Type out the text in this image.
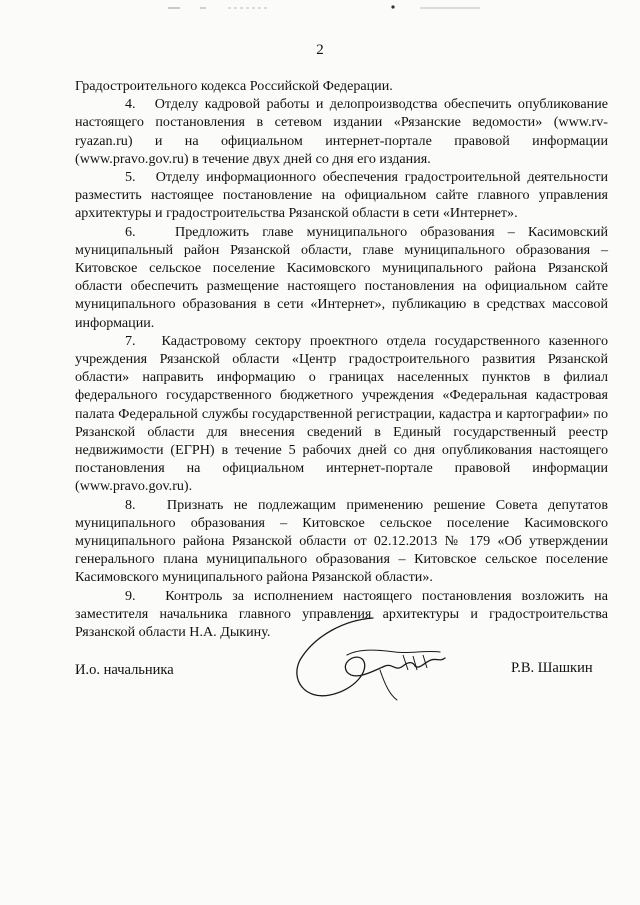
2

Градостроительного кодекса Российской Федерации.

4.   Отделу кадровой работы и делопроизводства обеспечить опубликование настоящего постановления в сетевом издании «Рязанские ведомости» (www.rv-ryazan.ru) и на официальном интернет-портале правовой информации (www.pravo.gov.ru) в течение двух дней со дня его издания.

5.   Отделу информационного обеспечения градостроительной деятельности разместить настоящее постановление на официальном сайте главного управления архитектуры и градостроительства Рязанской области в сети «Интернет».

6.   Предложить главе муниципального образования – Касимовский муниципальный район Рязанской области, главе муниципального образования – Китовское сельское поселение Касимовского муниципального района Рязанской области обеспечить размещение настоящего постановления на официальном сайте муниципального образования в сети «Интернет», публикацию в средствах массовой информации.

7.   Кадастровому сектору проектного отдела государственного казенного учреждения Рязанской области «Центр градостроительного развития Рязанской области» направить информацию о границах населенных пунктов в филиал федерального государственного бюджетного учреждения «Федеральная кадастровая палата Федеральной службы государственной регистрации, кадастра и картографии» по Рязанской области для внесения сведений в Единый государственный реестр недвижимости (ЕГРН) в течение 5 рабочих дней со дня опубликования настоящего постановления на официальном интернет-портале правовой информации (www.pravo.gov.ru).

8.   Признать не подлежащим применению решение Совета депутатов муниципального образования – Китовское сельское поселение Касимовского муниципального района Рязанской области от 02.12.2013 № 179 «Об утверждении генерального плана муниципального образования – Китовское сельское поселение Касимовского муниципального района Рязанской области».

9.   Контроль за исполнением настоящего постановления возложить на заместителя начальника главного управления архитектуры и градостроительства Рязанской области Н.А. Дыкину.

И.о. начальника	Р.В. Шашкин
